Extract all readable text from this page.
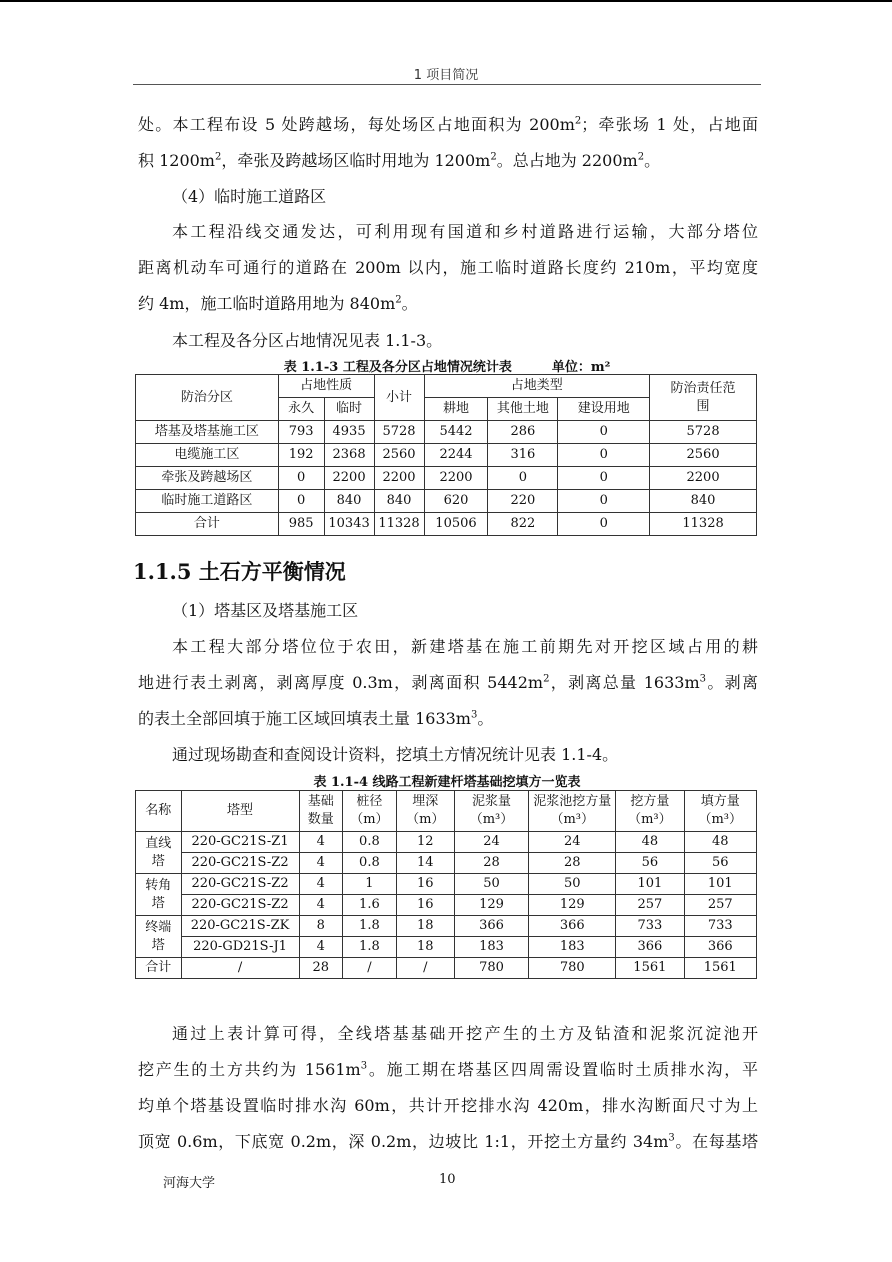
1 项目简况

处。本工程布设 5 处跨越场，每处场区占地面积为 $200m^2$；牵张场 1 处，占地面

积 $1200m^2$，牵张及跨越场区临时用地为 $1200m^2$。总占地为 $2200m^2$。

（4）临时施工道路区

本工程沿线交通发达，可利用现有国道和乡村道路进行运输，大部分塔位

距离机动车可通行的道路在 200m 以内，施工临时道路长度约 210m，平均宽度

约 4m，施工临时道路用地为 $840m^2$。

本工程及各分区占地情况见表 1.1-3。
表 1.1-3 工程及各分区占地情况统计表	单位：m²
防治分区	占地性质		小计	占地类型			防治责任范围
	永久	临时		耕地	其他土地	建设用地	
塔基及塔基施工区	793	4935	5728	5442	286	0	5728
电缆施工区	192	2368	2560	2244	316	0	2560
牵张及跨越场区	0	2200	2200	2200	0	0	2200
临时施工道路区	0	840	840	620	220	0	840
合计	985	10343	11328	10506	822	0	11328
1.1.5 土石方平衡情况
（1）塔基区及塔基施工区

本工程大部分塔位位于农田，新建塔基在施工前期先对开挖区域占用的耕

地进行表土剥离，剥离厚度 0.3m，剥离面积 $5442m^2$，剥离总量 $1633m^3$。剥离

的表土全部回填于施工区域回填表土量 $1633m^3$。

通过现场勘查和查阅设计资料，挖填土方情况统计见表 1.1-4。
表 1.1-4 线路工程新建杆塔基础挖填方一览表
名称	塔型	基础数量	桩径（m）	埋深（m）	泥浆量（m³）	泥浆池挖方量（m³）	挖方量（m³）	填方量（m³）
直线塔	220-GC21S-Z1	4	0.8	12	24	24	48	48
	220-GC21S-Z2	4	0.8	14	28	28	56	56
转角塔	220-GC21S-Z2	4	1	16	50	50	101	101
	220-GC21S-Z2	4	1.6	16	129	129	257	257
终端塔	220-GC21S-ZK	8	1.8	18	366	366	733	733
	220-GD21S-J1	4	1.8	18	183	183	366	366
合计	/	28	/	/	780	780	1561	1561

通过上表计算可得，全线塔基基础开挖产生的土方及钻渣和泥浆沉淀池开

挖产生的土方共约为 $1561m^3$。施工期在塔基区四周需设置临时土质排水沟，平

均单个塔基设置临时排水沟 60m，共计开挖排水沟 420m，排水沟断面尺寸为上

顶宽 0.6m，下底宽 0.2m，深 0.2m，边坡比 1:1，开挖土方量约 $34m^3$。在每基塔

河海大学	10
